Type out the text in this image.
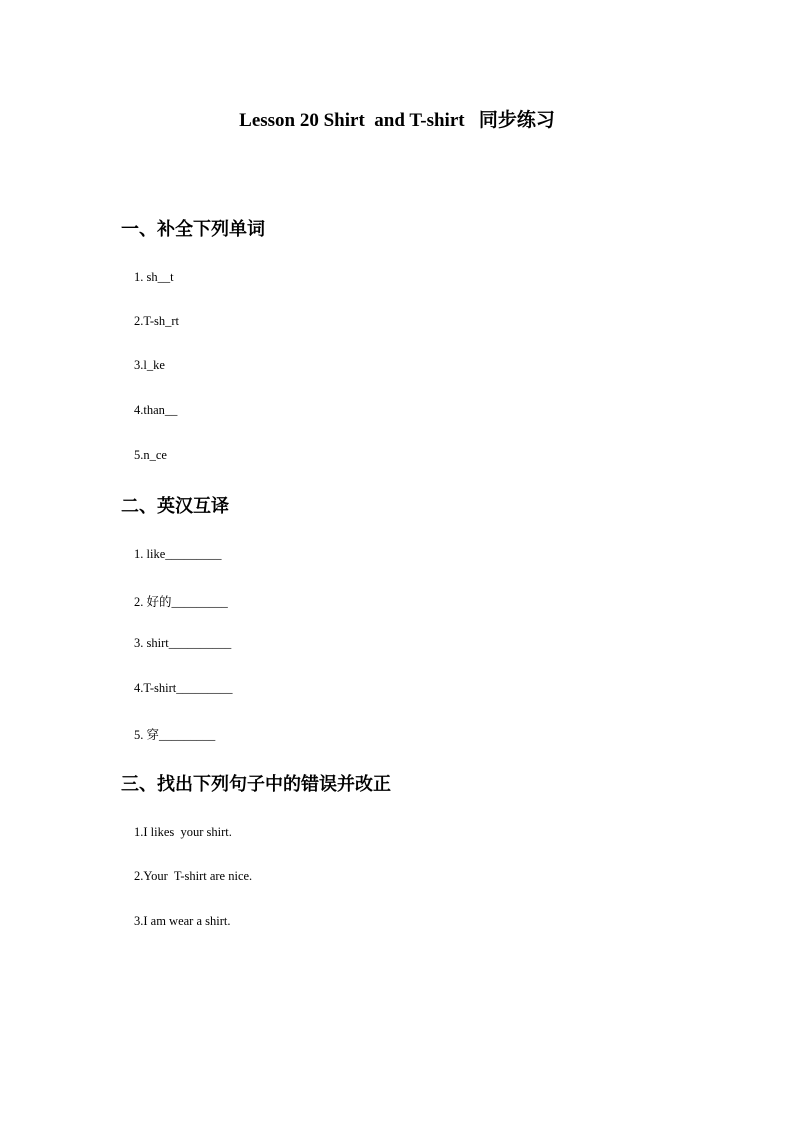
Lesson 20 Shirt  and T-shirt   同步练习
一、补全下列单词
1. sh__t
2.T-sh_rt
3.l_ke
4.than__
5.n_ce
二、英汉互译
1. like_________
2. 好的_________
3. shirt__________
4.T-shirt_________
5. 穿_________
三、找出下列句子中的错误并改正
1.I likes  your shirt.
2.Your  T-shirt are nice.
3.I am wear a shirt.
